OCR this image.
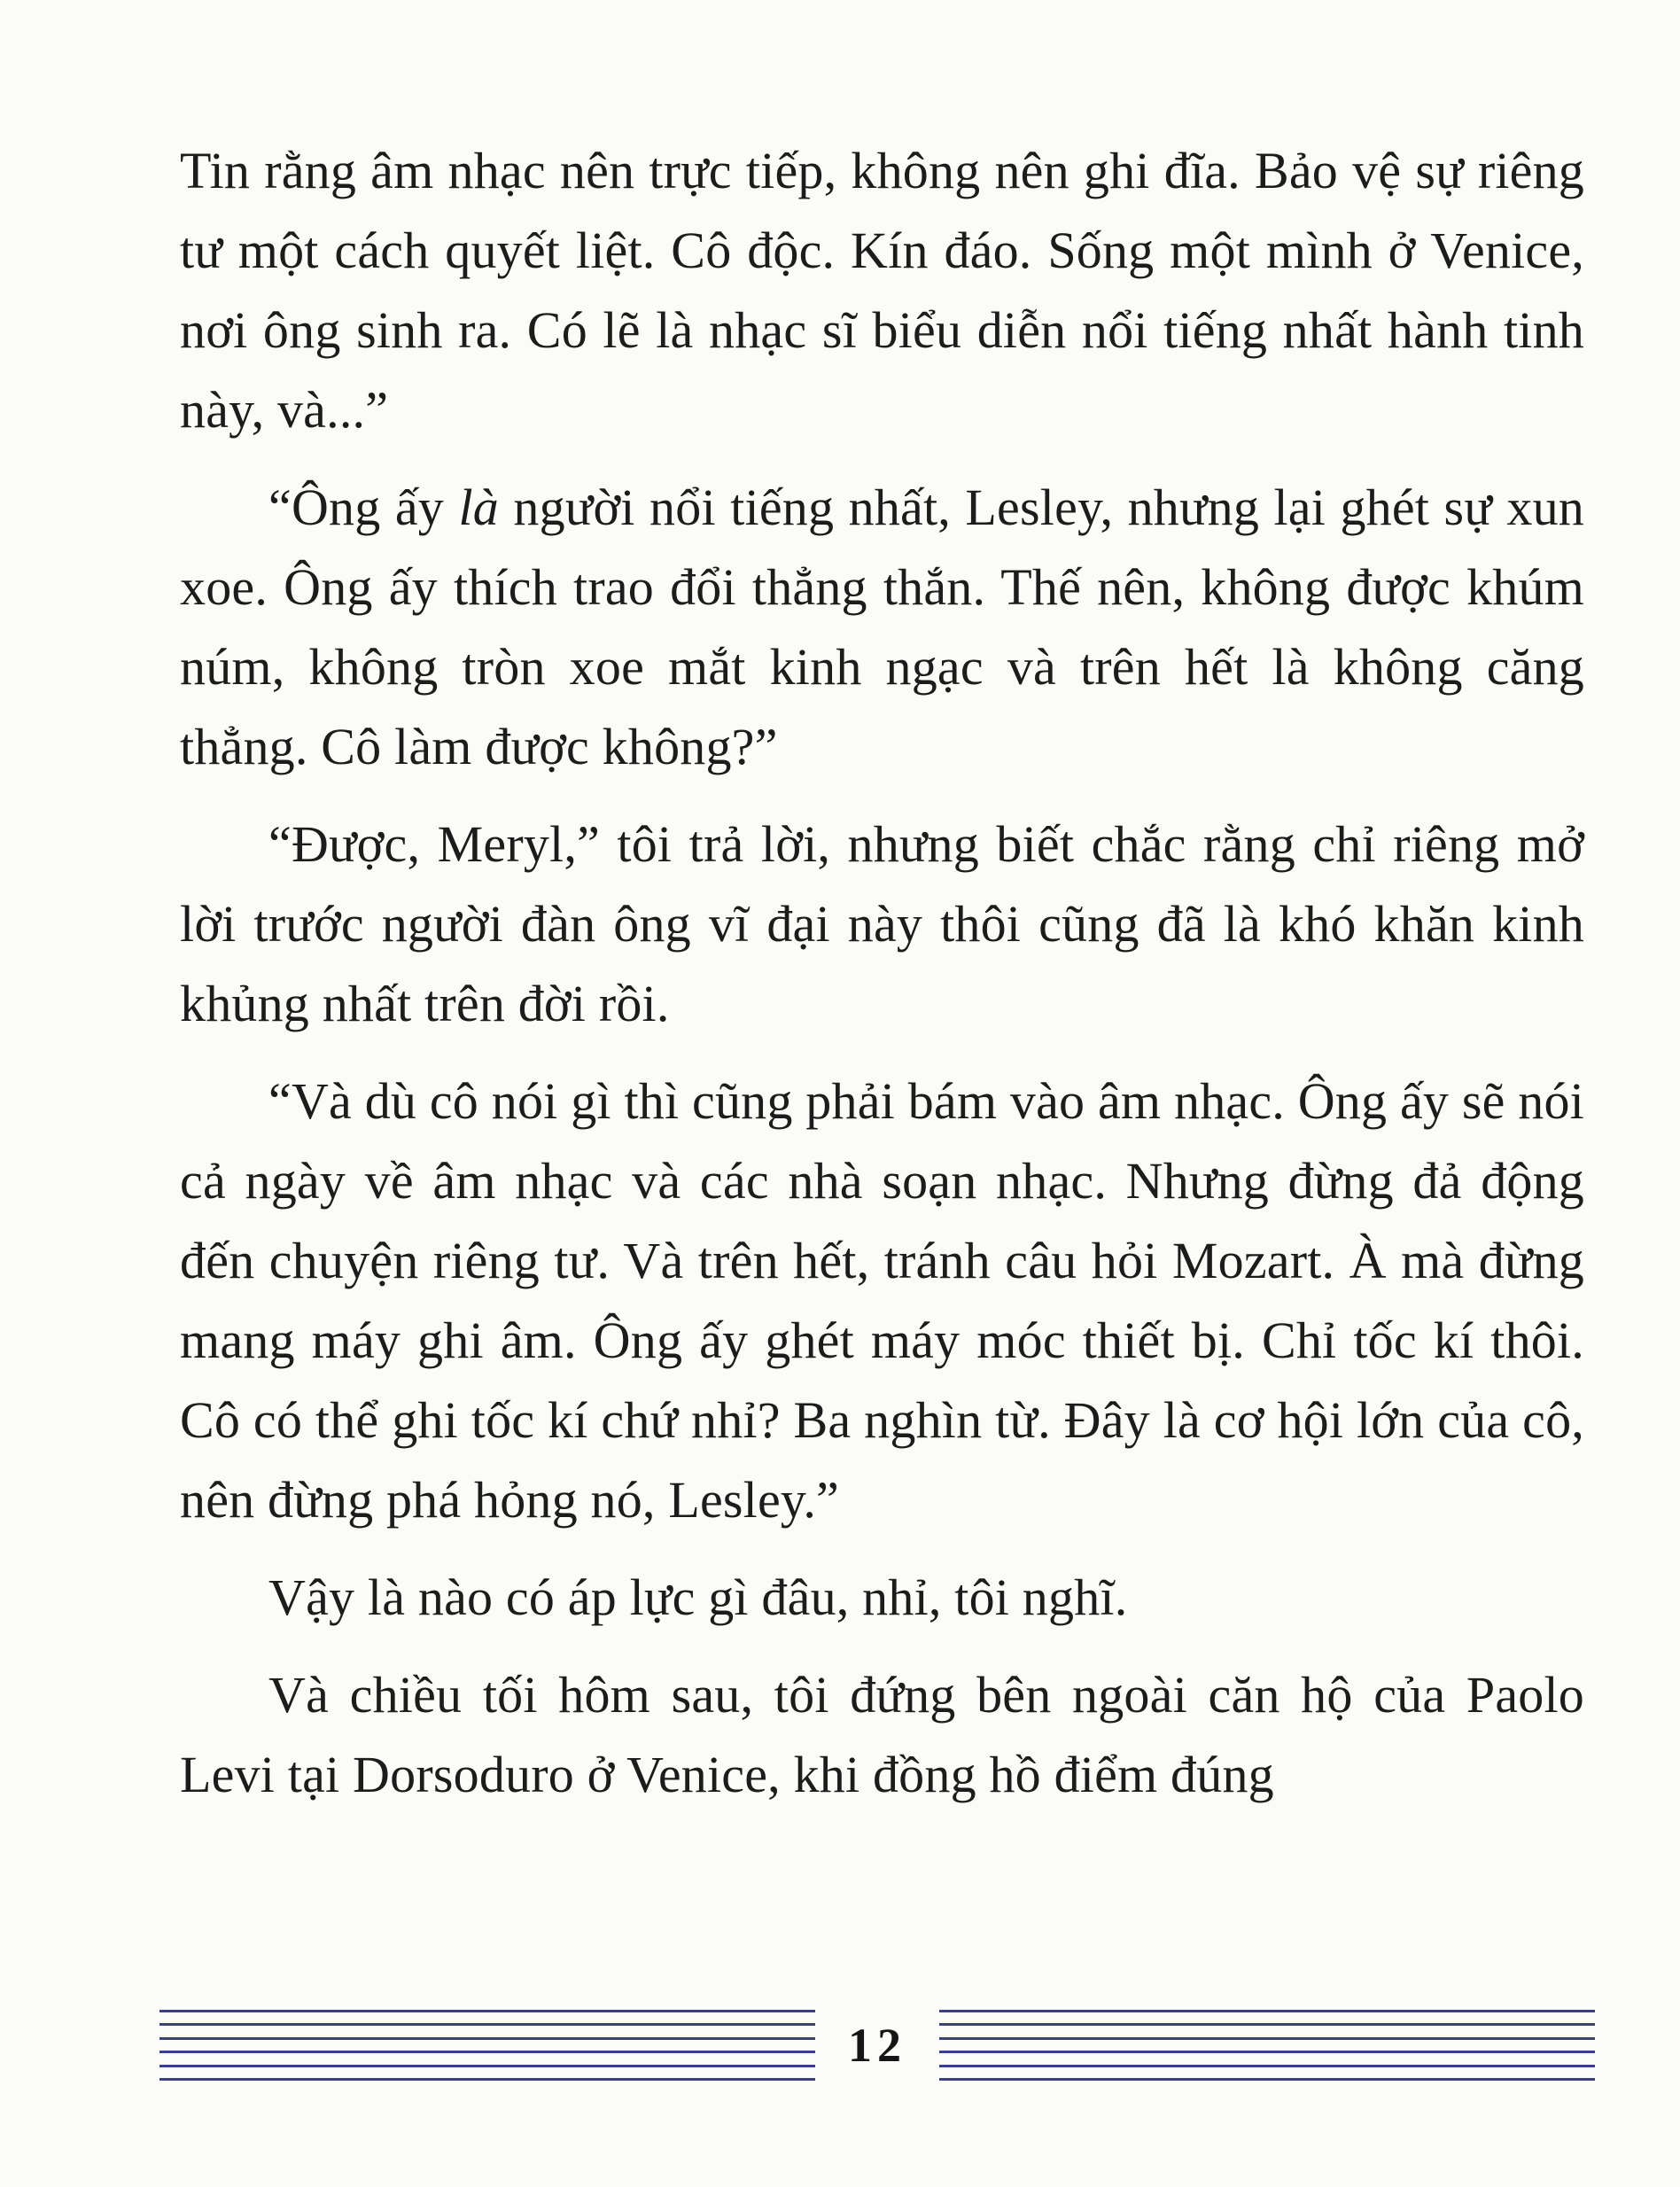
Tin rằng âm nhạc nên trực tiếp, không nên ghi đĩa. Bảo vệ sự riêng tư một cách quyết liệt. Cô độc. Kín đáo. Sống một mình ở Venice, nơi ông sinh ra. Có lẽ là nhạc sĩ biểu diễn nổi tiếng nhất hành tinh này, và...”

“Ông ấy là người nổi tiếng nhất, Lesley, nhưng lại ghét sự xun xoe. Ông ấy thích trao đổi thẳng thắn. Thế nên, không được khúm núm, không tròn xoe mắt kinh ngạc và trên hết là không căng thẳng. Cô làm được không?”

“Được, Meryl,” tôi trả lời, nhưng biết chắc rằng chỉ riêng mở lời trước người đàn ông vĩ đại này thôi cũng đã là khó khăn kinh khủng nhất trên đời rồi.

“Và dù cô nói gì thì cũng phải bám vào âm nhạc. Ông ấy sẽ nói cả ngày về âm nhạc và các nhà soạn nhạc. Nhưng đừng đả động đến chuyện riêng tư. Và trên hết, tránh câu hỏi Mozart. À mà đừng mang máy ghi âm. Ông ấy ghét máy móc thiết bị. Chỉ tốc kí thôi. Cô có thể ghi tốc kí chứ nhỉ? Ba nghìn từ. Đây là cơ hội lớn của cô, nên đừng phá hỏng nó, Lesley.”

Vậy là nào có áp lực gì đâu, nhỉ, tôi nghĩ.

Và chiều tối hôm sau, tôi đứng bên ngoài căn hộ của Paolo Levi tại Dorsoduro ở Venice, khi đồng hồ điểm đúng

12
